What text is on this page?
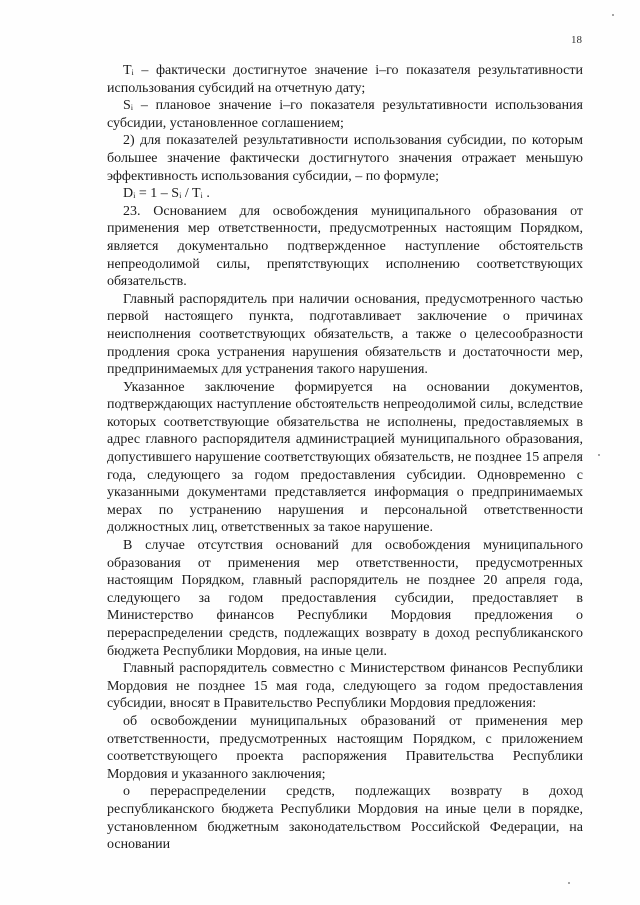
18

Tᵢ – фактически достигнутое значение i–го показателя результативности использования субсидий на отчетную дату;

Sᵢ – плановое значение i–го показателя результативности использования субсидии, установленное соглашением;

2) для показателей результативности использования субсидии, по которым большее значение фактически достигнутого значения отражает меньшую эффективность использования субсидии, – по формуле;

Dᵢ = 1 – Sᵢ / Tᵢ .

23. Основанием для освобождения муниципального образования от применения мер ответственности, предусмотренных настоящим Порядком, является документально подтвержденное наступление обстоятельств непреодолимой силы, препятствующих исполнению соответствующих обязательств.

Главный распорядитель при наличии основания, предусмотренного частью первой настоящего пункта, подготавливает заключение о причинах неисполнения соответствующих обязательств, а также о целесообразности продления срока устранения нарушения обязательств и достаточности мер, предпринимаемых для устранения такого нарушения.

Указанное заключение формируется на основании документов, подтверждающих наступление обстоятельств непреодолимой силы, вследствие которых соответствующие обязательства не исполнены, предоставляемых в адрес главного распорядителя администрацией муниципального образования, допустившего нарушение соответствующих обязательств, не позднее 15 апреля года, следующего за годом предоставления субсидии. Одновременно с указанными документами представляется информация о предпринимаемых мерах по устранению нарушения и персональной ответственности должностных лиц, ответственных за такое нарушение.

В случае отсутствия оснований для освобождения муниципального образования от применения мер ответственности, предусмотренных настоящим Порядком, главный распорядитель не позднее 20 апреля года, следующего за годом предоставления субсидии, предоставляет в Министерство финансов Республики Мордовия предложения о перераспределении средств, подлежащих возврату в доход республиканского бюджета Республики Мордовия, на иные цели.

Главный распорядитель совместно с Министерством финансов Республики Мордовия не позднее 15 мая года, следующего за годом предоставления субсидии, вносят в Правительство Республики Мордовия предложения:

об освобождении муниципальных образований от применения мер ответственности, предусмотренных настоящим Порядком, с приложением соответствующего проекта распоряжения Правительства Республики Мордовия и указанного заключения;

о перераспределении средств, подлежащих возврату в доход республиканского бюджета Республики Мордовия на иные цели в порядке, установленном бюджетным законодательством Российской Федерации, на основании
